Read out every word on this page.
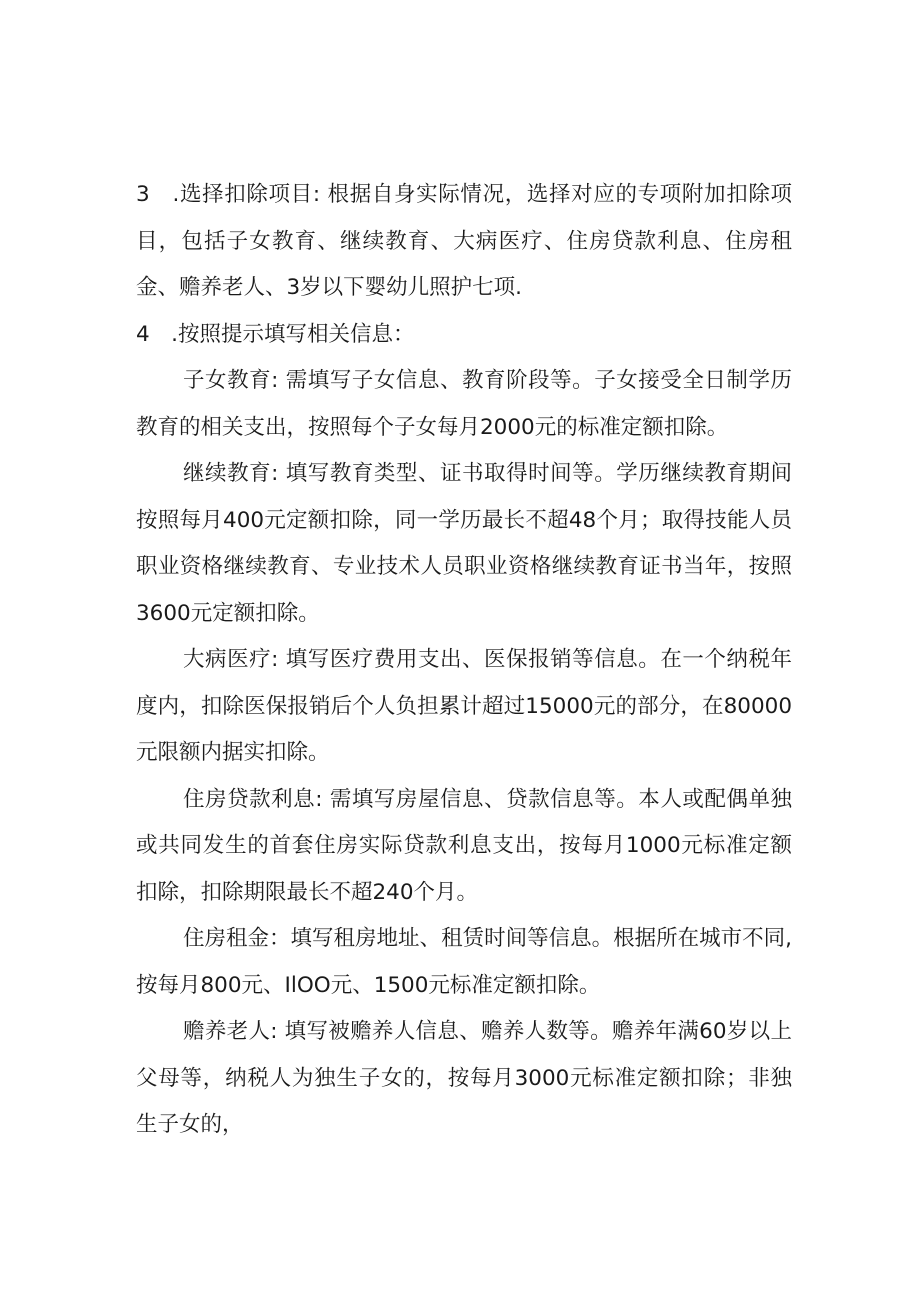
3　.选择扣除项目: 根据自身实际情况，选择对应的专项附加扣除项目，包括子女教育、继续教育、大病医疗、住房贷款利息、住房租金、赡养老人、3岁以下婴幼儿照护七项.

4　.按照提示填写相关信息：

子女教育: 需填写子女信息、教育阶段等。子女接受全日制学历教育的相关支出，按照每个子女每月2000元的标准定额扣除。

继续教育: 填写教育类型、证书取得时间等。学历继续教育期间按照每月400元定额扣除，同一学历最长不超48个月；取得技能人员职业资格继续教育、专业技术人员职业资格继续教育证书当年，按照3600元定额扣除。

大病医疗: 填写医疗费用支出、医保报销等信息。在一个纳税年度内，扣除医保报销后个人负担累计超过15000元的部分，在80000元限额内据实扣除。

住房贷款利息: 需填写房屋信息、贷款信息等。本人或配偶单独或共同发生的首套住房实际贷款利息支出，按每月1000元标准定额扣除，扣除期限最长不超240个月。

住房租金：填写租房地址、租赁时间等信息。根据所在城市不同,按每月800元、IlOO元、1500元标准定额扣除。

赡养老人: 填写被赡养人信息、赡养人数等。赡养年满60岁以上父母等，纳税人为独生子女的，按每月3000元标准定额扣除；非独生子女的，
